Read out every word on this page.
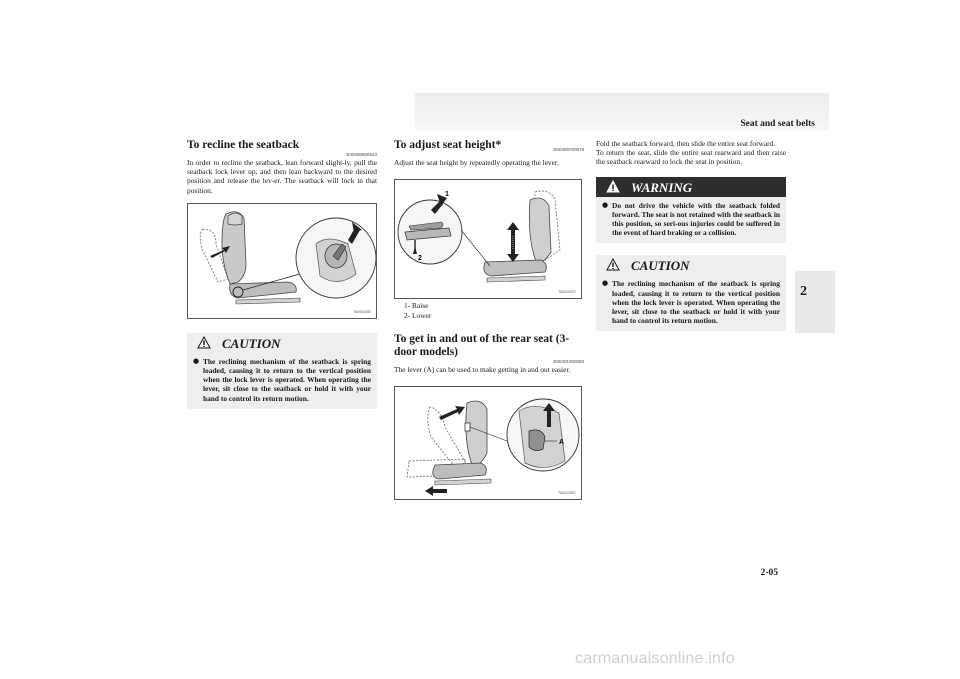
Seat and seat belts
2
To recline the seatback
E00400600623

In order to recline the seatback, lean forward slight-ly, pull the seatback lock lever up, and then lean backward to the desired position and release the lev-er. The seatback will lock in that position.

TA0004380
CAUTION
● The reclining mechanism of the seatback is spring loaded, causing it to return to the vertical position when the lock lever is operated. When operating the lever, sit close to the seatback or hold it with your hand to control its return motion.
To adjust seat height*	E00400700578

Adjust the seat height by repeatedly operating the lever.

1
2
TA0019937
1- Raise
2- Lower
To get in and out of the rear seat (3-door models)
E00401000060

The lever (A) can be used to make getting in and out easier.

A
TA0012857

Fold the seatback forward, then slide the entire seat forward.
To return the seat, slide the entire seat rearward and then raise the seatback rearward to lock the seat in position.

WARNING
● Do not drive the vehicle with the seatback folded forward. The seat is not retained with the seatback in this position, so seri-ous injuries could be suffered in the event of hard braking or a collision.
CAUTION
● The reclining mechanism of the seatback is spring loaded, causing it to return to the vertical position when the lock lever is operated. When operating the lever, sit close to the seatback or hold it with your hand to control its return motion.
2-05
carmanualsonline.info
